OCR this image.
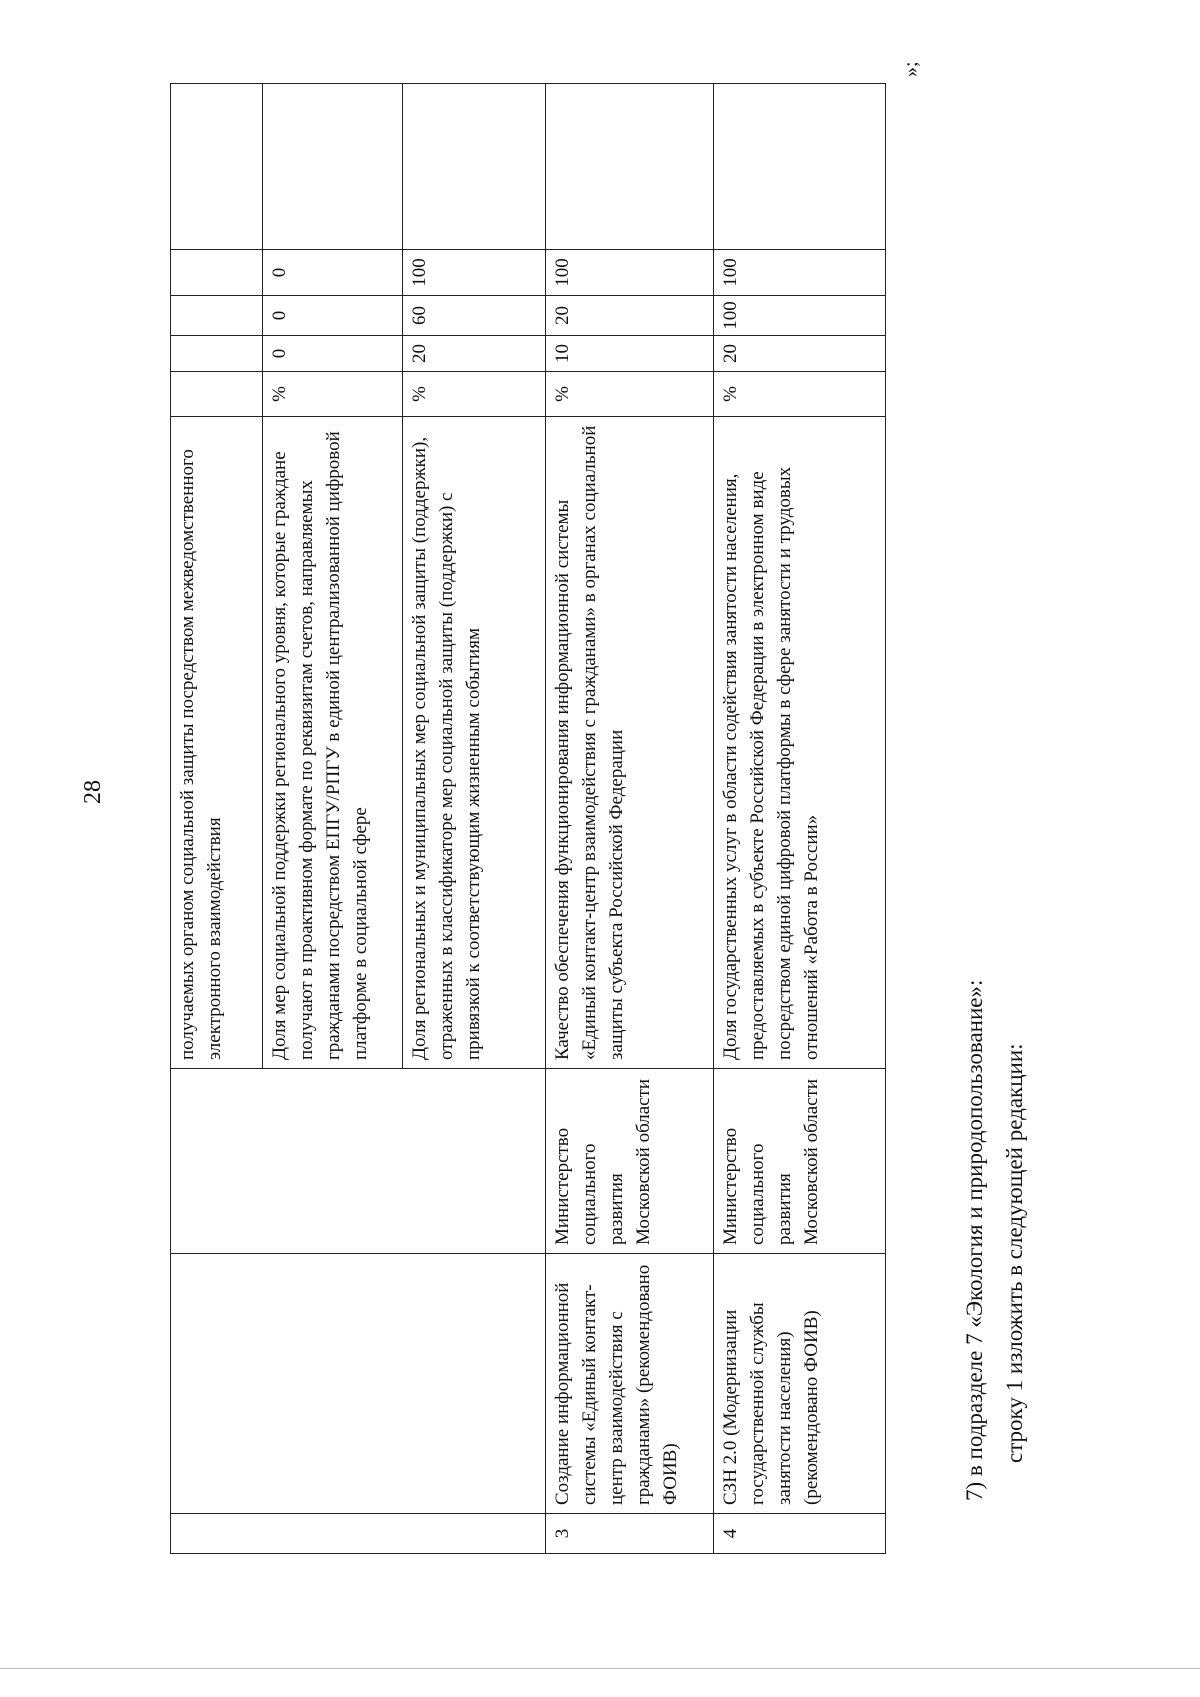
28
				получаемых органом социальной защиты посредством межведомственного электронного взаимодействия					
			Доля мер социальной поддержки регионального уровня, которые граждане получают в проактивном формате по реквизитам счетов, направляемых гражданами посредством ЕПГУ/РПГУ в единой централизованной цифровой платформе в социальной сфере	%	0	0	0	
			Доля региональных и муниципальных мер социальной защиты (поддержки), отраженных в классификаторе мер социальной защиты (поддержки) с привязкой к соответствующим жизненным событиям	%	20	60	100	
3	Создание информационной системы «Единый контакт-центр взаимодействия с гражданами» (рекомендовано ФОИВ)	Министерство социального развития Московской области	Качество обеспечения функционирования информационной системы «Единый контакт-центр взаимодействия с гражданами» в органах социальной защиты субъекта Российской Федерации	%	10	20	100	
4	СЗН 2.0 (Модернизации государственной службы занятости населения) (рекомендовано ФОИВ)	Министерство социального развития Московской области	Доля государственных услуг в области содействия занятости населения, предоставляемых в субъекте Российской Федерации в электронном виде посредством единой цифровой платформы в сфере занятости и трудовых отношений «Работа в России»	%	20	100	100	
»;
7) в подразделе 7 «Экология и природопользование»: строку 1 изложить в следующей редакции:
